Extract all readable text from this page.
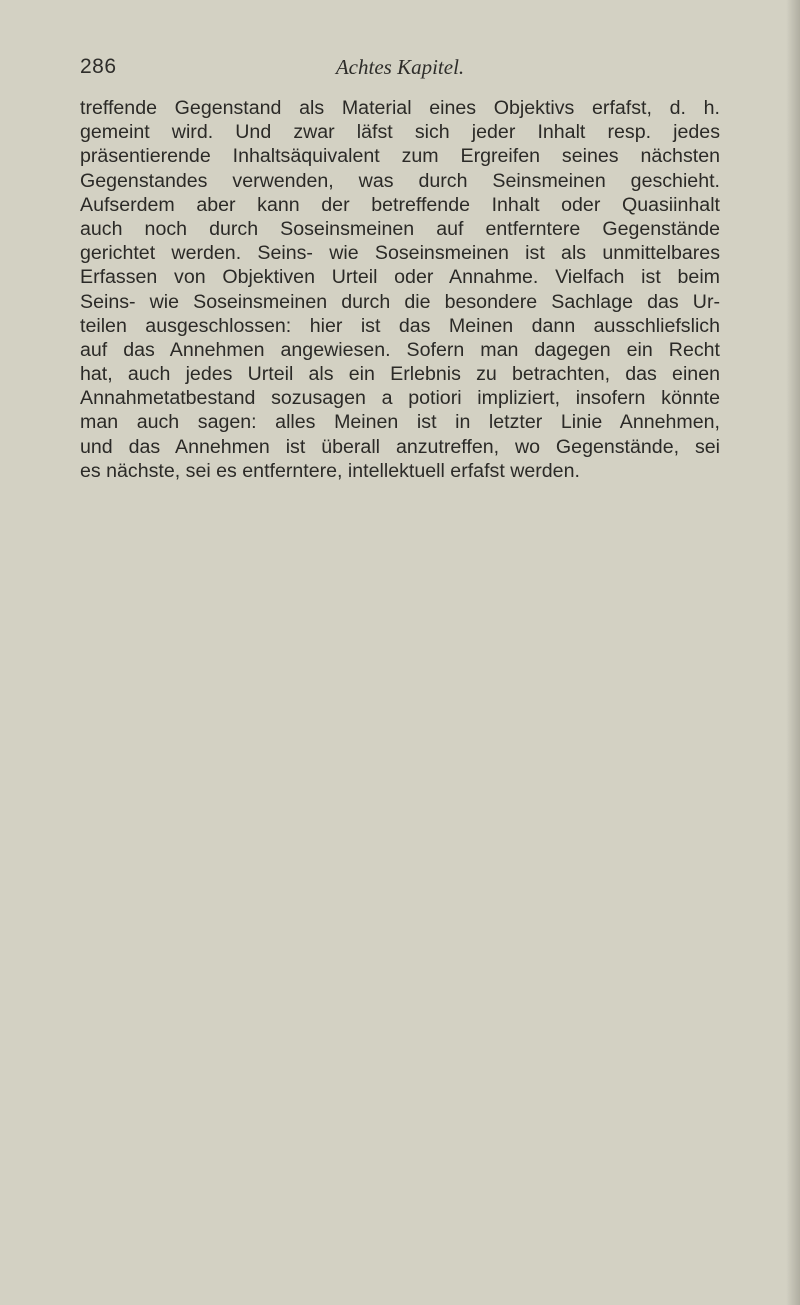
286	Achtes Kapitel.
treffende Gegenstand als Material eines Objektivs erfafst, d. h.
gemeint wird. Und zwar läfst sich jeder Inhalt resp. jedes
präsentierende Inhaltsäquivalent zum Ergreifen seines nächsten
Gegenstandes verwenden, was durch Seinsmeinen geschieht.
Aufserdem aber kann der betreffende Inhalt oder Quasiinhalt
auch noch durch Soseinsmeinen auf entferntere Gegenstände
gerichtet werden. Seins- wie Soseinsmeinen ist als unmittelbares
Erfassen von Objektiven Urteil oder Annahme. Vielfach ist beim
Seins- wie Soseinsmeinen durch die besondere Sachlage das Ur-
teilen ausgeschlossen: hier ist das Meinen dann ausschliefslich
auf das Annehmen angewiesen. Sofern man dagegen ein Recht
hat, auch jedes Urteil als ein Erlebnis zu betrachten, das einen
Annahmetatbestand sozusagen a potiori impliziert, insofern könnte
man auch sagen: alles Meinen ist in letzter Linie Annehmen,
und das Annehmen ist überall anzutreffen, wo Gegenstände, sei
es nächste, sei es entferntere, intellektuell erfafst werden.
